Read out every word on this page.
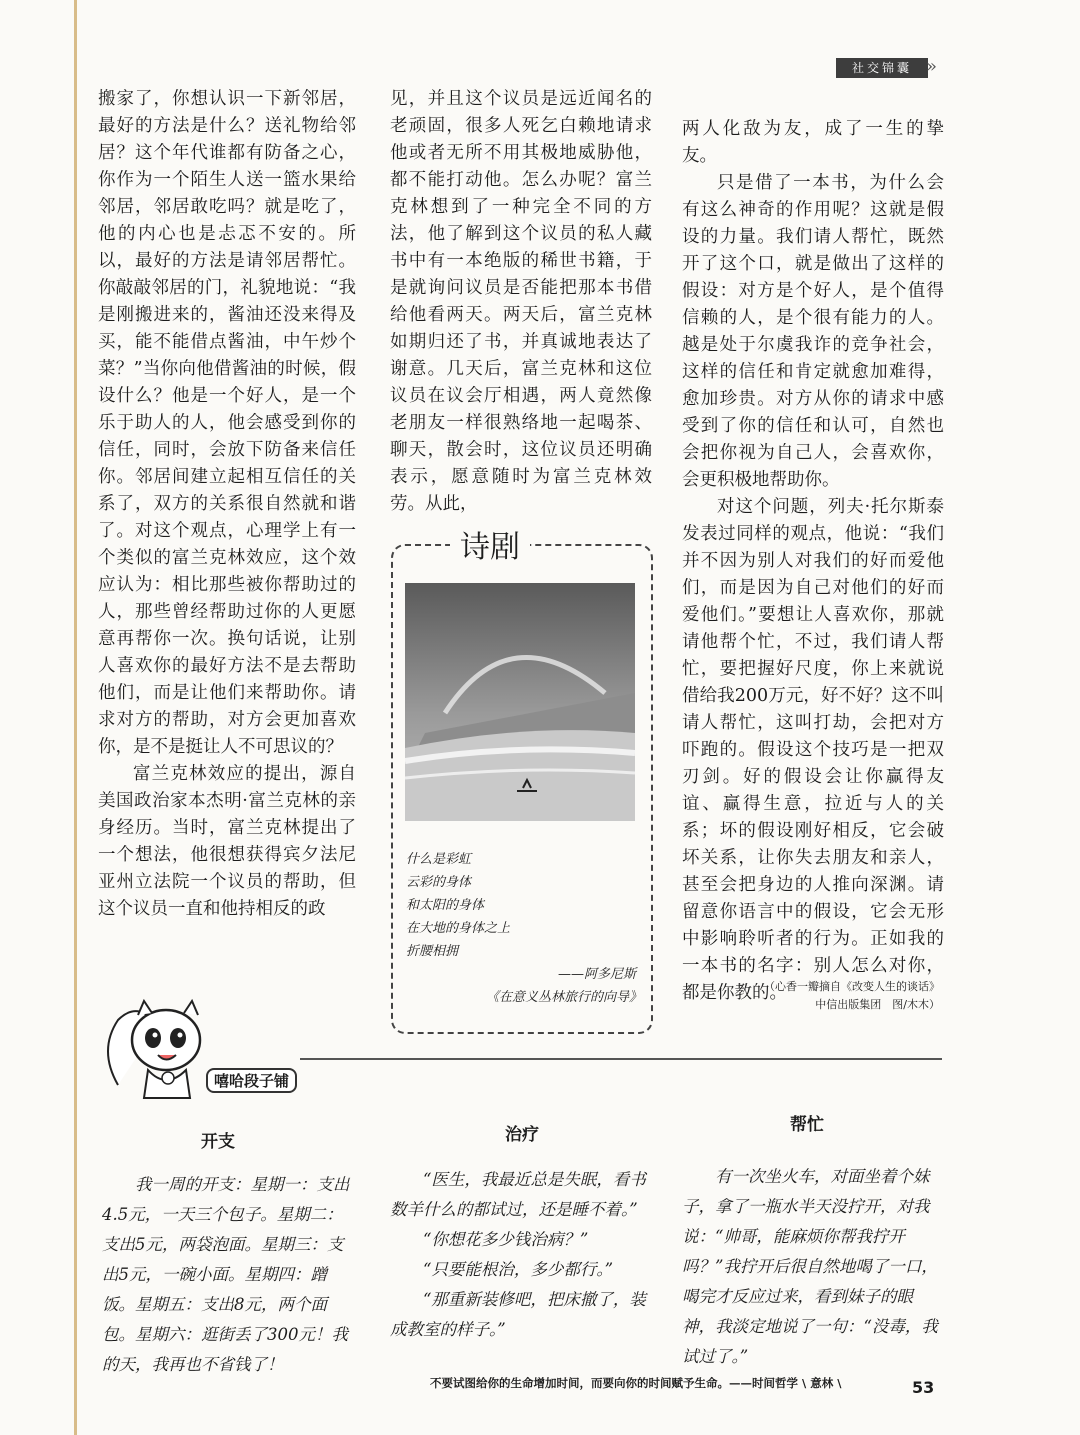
社交锦囊 »

搬家了，你想认识一下新邻居，最好的方法是什么？送礼物给邻居？这个年代谁都有防备之心，你作为一个陌生人送一篮水果给邻居，邻居敢吃吗？就是吃了，他的内心也是忐忑不安的。所以，最好的方法是请邻居帮忙。你敲敲邻居的门，礼貌地说：“我是刚搬进来的，酱油还没来得及买，能不能借点酱油，中午炒个菜？”当你向他借酱油的时候，假设什么？他是一个好人，是一个乐于助人的人，他会感受到你的信任，同时，会放下防备来信任你。邻居间建立起相互信任的关系了，双方的关系很自然就和谐了。对这个观点，心理学上有一个类似的富兰克林效应，这个效应认为：相比那些被你帮助过的人，那些曾经帮助过你的人更愿意再帮你一次。换句话说，让别人喜欢你的最好方法不是去帮助他们，而是让他们来帮助你。请求对方的帮助，对方会更加喜欢你，是不是挺让人不可思议的？

富兰克林效应的提出，源自美国政治家本杰明·富兰克林的亲身经历。当时，富兰克林提出了一个想法，他很想获得宾夕法尼亚州立法院一个议员的帮助，但这个议员一直和他持相反的政

见，并且这个议员是远近闻名的老顽固，很多人死乞白赖地请求他或者无所不用其极地威胁他，都不能打动他。怎么办呢？富兰克林想到了一种完全不同的方法，他了解到这个议员的私人藏书中有一本绝版的稀世书籍，于是就询问议员是否能把那本书借给他看两天。两天后，富兰克林如期归还了书，并真诚地表达了谢意。几天后，富兰克林和这位议员在议会厅相遇，两人竟然像老朋友一样很熟络地一起喝茶、聊天，散会时，这位议员还明确表示，愿意随时为富兰克林效劳。从此，

两人化敌为友，成了一生的挚友。

只是借了一本书，为什么会有这么神奇的作用呢？这就是假设的力量。我们请人帮忙，既然开了这个口，就是做出了这样的假设：对方是个好人，是个值得信赖的人，是个很有能力的人。越是处于尔虞我诈的竞争社会，这样的信任和肯定就愈加难得，愈加珍贵。对方从你的请求中感受到了你的信任和认可，自然也会把你视为自己人，会喜欢你，会更积极地帮助你。

对这个问题，列夫·托尔斯泰发表过同样的观点，他说：“我们并不因为别人对我们的好而爱他们，而是因为自己对他们的好而爱他们。”要想让人喜欢你，那就请他帮个忙，不过，我们请人帮忙，要把握好尺度，你上来就说借给我200万元，好不好？这不叫请人帮忙，这叫打劫，会把对方吓跑的。假设这个技巧是一把双刃剑。好的假设会让你赢得友谊、赢得生意，拉近与人的关系；坏的假设刚好相反，它会破坏关系，让你失去朋友和亲人，甚至会把身边的人推向深渊。请留意你语言中的假设，它会无形中影响聆听者的行为。正如我的一本书的名字：别人怎么对你，都是你教的。

（心香一瓣摘自《改变人生的谈话》
中信出版集团　图/木木）
诗剧
什么是彩虹
云彩的身体
和太阳的身体
在大地的身体之上
折腰相拥
——阿多尼斯
《在意义丛林旅行的向导》
嘻哈段子铺
开支

我一周的开支：星期一：支出4.5元，一天三个包子。星期二：支出5元，两袋泡面。星期三：支出5元，一碗小面。星期四：蹭饭。星期五：支出8元，两个面包。星期六：逛街丢了300元！我的天，我再也不省钱了！

治疗

“医生，我最近总是失眠，看书数羊什么的都试过，还是睡不着。”

“你想花多少钱治病？”

“只要能根治，多少都行。”

“那重新装修吧，把床撤了，装成教室的样子。”

帮忙

有一次坐火车，对面坐着个妹子，拿了一瓶水半天没拧开，对我说：“帅哥，能麻烦你帮我拧开吗？”我拧开后很自然地喝了一口，喝完才反应过来，看到妹子的眼神，我淡定地说了一句：“没毒，我试过了。”

不要试图给你的生命增加时间，而要向你的时间赋予生命。——时间哲学 \ 意林 \	53
